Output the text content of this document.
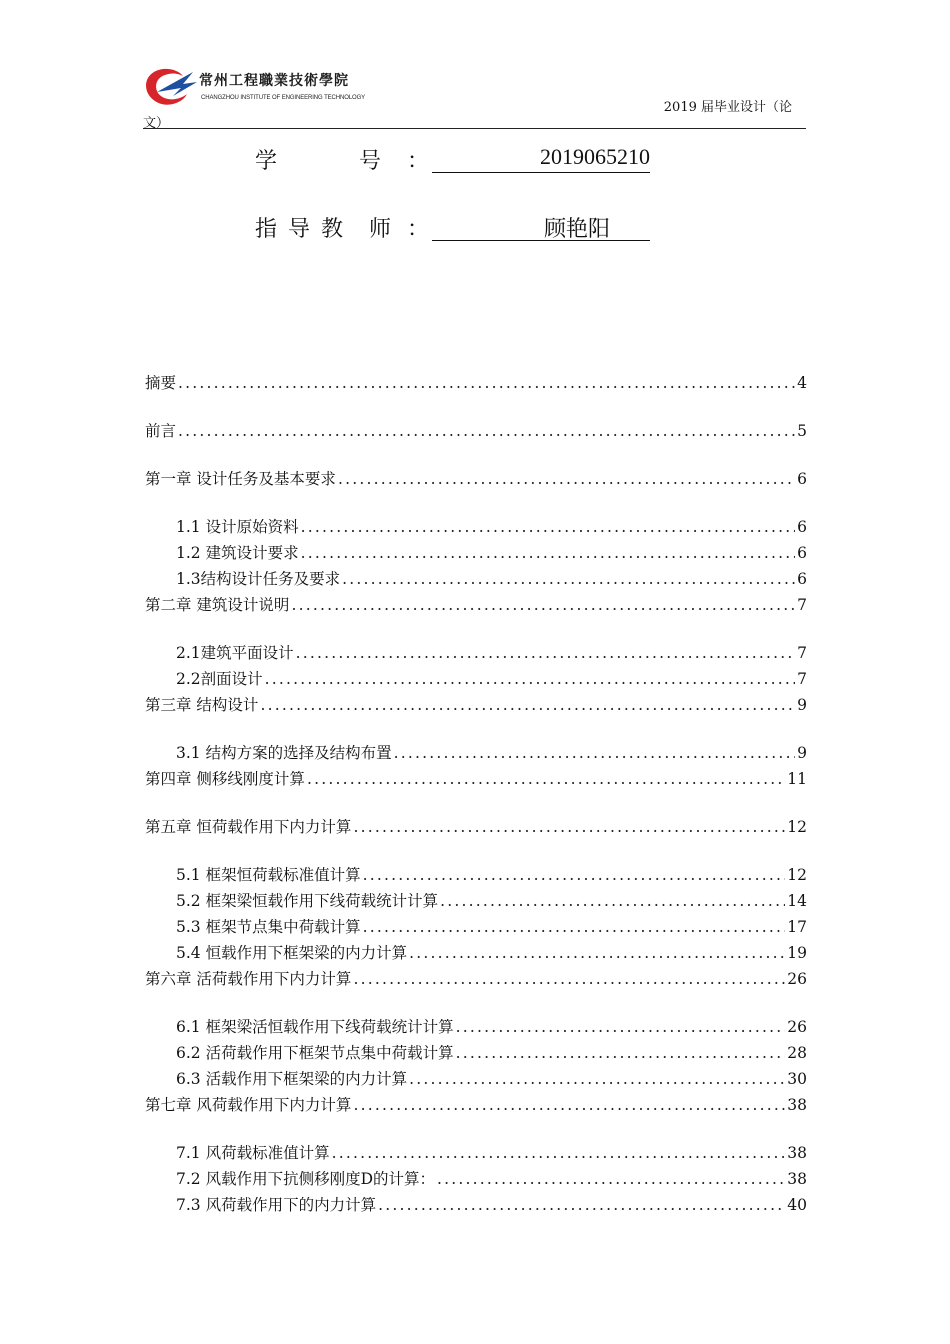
常州工程職業技術學院
CHANGZHOU INSTITUTE OF ENGINEERING TECHNOLOGY
2019 届毕业设计（论
文）
学　　　号 ：	2019065210
指 导 教　师 ：	顾艳阳
摘要 .....	4
前言 .....	5
第一章 设计任务及基本要求 .....	6
1.1 设计原始资料 .....	6
1.2 建筑设计要求 .....	6
1.3结构设计任务及要求 .....	6
第二章 建筑设计说明 .....	7
2.1建筑平面设计 .....	7
2.2剖面设计 .....	7
第三章 结构设计 .....	9
3.1 结构方案的选择及结构布置 .....	9
第四章 侧移线刚度计算 .....	11
第五章 恒荷载作用下内力计算 .....	12
5.1 框架恒荷载标准值计算 .....	12
5.2 框架梁恒载作用下线荷载统计计算 .....	14
5.3 框架节点集中荷载计算 .....	17
5.4 恒载作用下框架梁的内力计算 .....	19
第六章 活荷载作用下内力计算 .....	26
6.1 框架梁活恒载作用下线荷载统计计算 .....	26
6.2 活荷载作用下框架节点集中荷载计算 .....	28
6.3 活载作用下框架梁的内力计算 .....	30
第七章 风荷载作用下内力计算 .....	38
7.1 风荷载标准值计算 .....	38
7.2 风载作用下抗侧移刚度D的计算： .....	38
7.3 风荷载作用下的内力计算 .....	40
